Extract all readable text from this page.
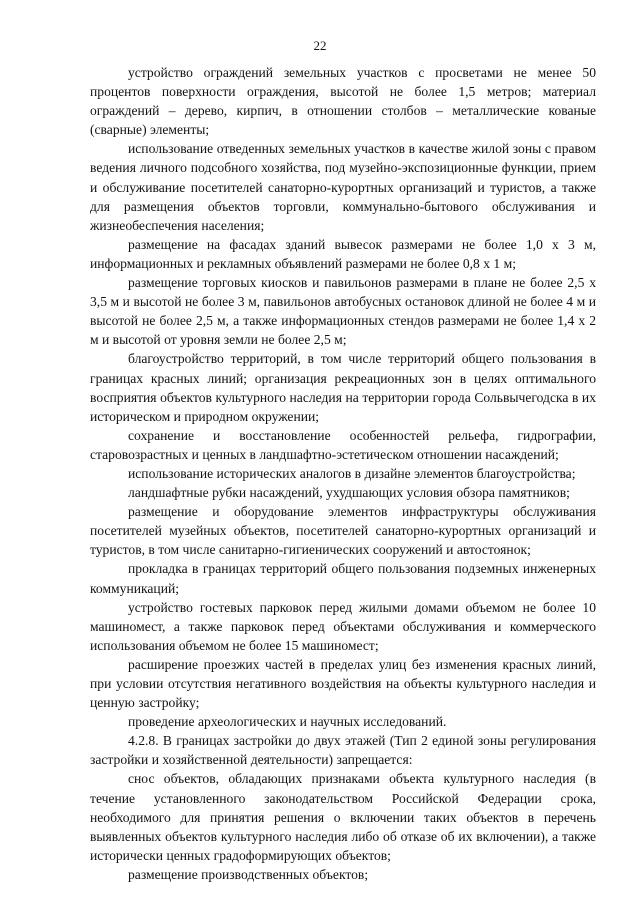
22

устройство ограждений земельных участков с просветами не менее 50 процентов поверхности ограждения, высотой не более 1,5 метров; материал ограждений – дерево, кирпич, в отношении столбов – металлические кованые (сварные) элементы;

использование отведенных земельных участков в качестве жилой зоны с правом ведения личного подсобного хозяйства, под музейно-экспозиционные функции, прием и обслуживание посетителей санаторно-курортных организаций и туристов, а также для размещения объектов торговли, коммунально-бытового обслуживания и жизнеобеспечения населения;

размещение на фасадах зданий вывесок размерами не более 1,0 х 3 м, информационных и рекламных объявлений размерами не более 0,8 х 1 м;

размещение торговых киосков и павильонов размерами в плане не более 2,5 х 3,5 м и высотой не более 3 м, павильонов автобусных остановок длиной не более 4 м и высотой не более 2,5 м, а также информационных стендов размерами не более 1,4 х 2 м и высотой от уровня земли не более 2,5 м;

благоустройство территорий, в том числе территорий общего пользования в границах красных линий; организация рекреационных зон в целях оптимального восприятия объектов культурного наследия на территории города Сольвычегодска в их историческом и природном окружении;

сохранение и восстановление особенностей рельефа, гидрографии, старовозрастных и ценных в ландшафтно-эстетическом отношении насаждений;

использование исторических аналогов в дизайне элементов благоустройства;

ландшафтные рубки насаждений, ухудшающих условия обзора памятников;

размещение и оборудование элементов инфраструктуры обслуживания посетителей музейных объектов, посетителей санаторно-курортных организаций и туристов, в том числе санитарно-гигиенических сооружений и автостоянок;

прокладка в границах территорий общего пользования подземных инженерных коммуникаций;

устройство гостевых парковок перед жилыми домами объемом не более 10 машиномест, а также парковок перед объектами обслуживания и коммерческого использования объемом не более 15 машиномест;

расширение проезжих частей в пределах улиц без изменения красных линий, при условии отсутствия негативного воздействия на объекты культурного наследия и ценную застройку;

проведение археологических и научных исследований.

4.2.8. В границах застройки до двух этажей (Тип 2 единой зоны регулирования застройки и хозяйственной деятельности) запрещается:

снос объектов, обладающих признаками объекта культурного наследия (в течение установленного законодательством Российской Федерации срока, необходимого для принятия решения о включении таких объектов в перечень выявленных объектов культурного наследия либо об отказе об их включении), а также исторически ценных градоформирующих объектов;

размещение производственных объектов;
